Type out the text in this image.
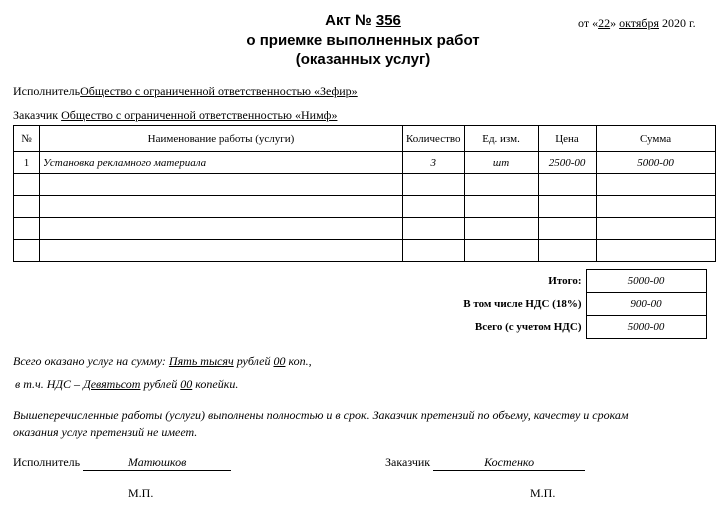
Акт № 356
о приемке выполненных работ
(оказанных услуг)
от «22» октября 2020 г.
ИсполнительОбщество с ограниченной ответственностью «Зефир»
Заказчик Общество с ограниченной ответственностью «Нимф»
№	Наименование работы (услуги)	Количество	Ед. изм.	Цена	Сумма
1	Установка рекламного материала	3	шт	2500-00	5000-00

Итого:	5000-00
В том числе НДС (18%)	900-00
Всего (с учетом НДС)	5000-00
Всего оказано услуг на сумму: Пять тысяч рублей 00 коп.,
в т.ч. НДС – Девятьсот рублей 00 копейки.
Вышеперечисленные работы (услуги) выполнены полностью и в срок. Заказчик претензий по объему, качеству и срокам
оказания услуг претензий не имеет.
Исполнитель	Матюшков	Заказчик	Костенко
М.П.	М.П.
